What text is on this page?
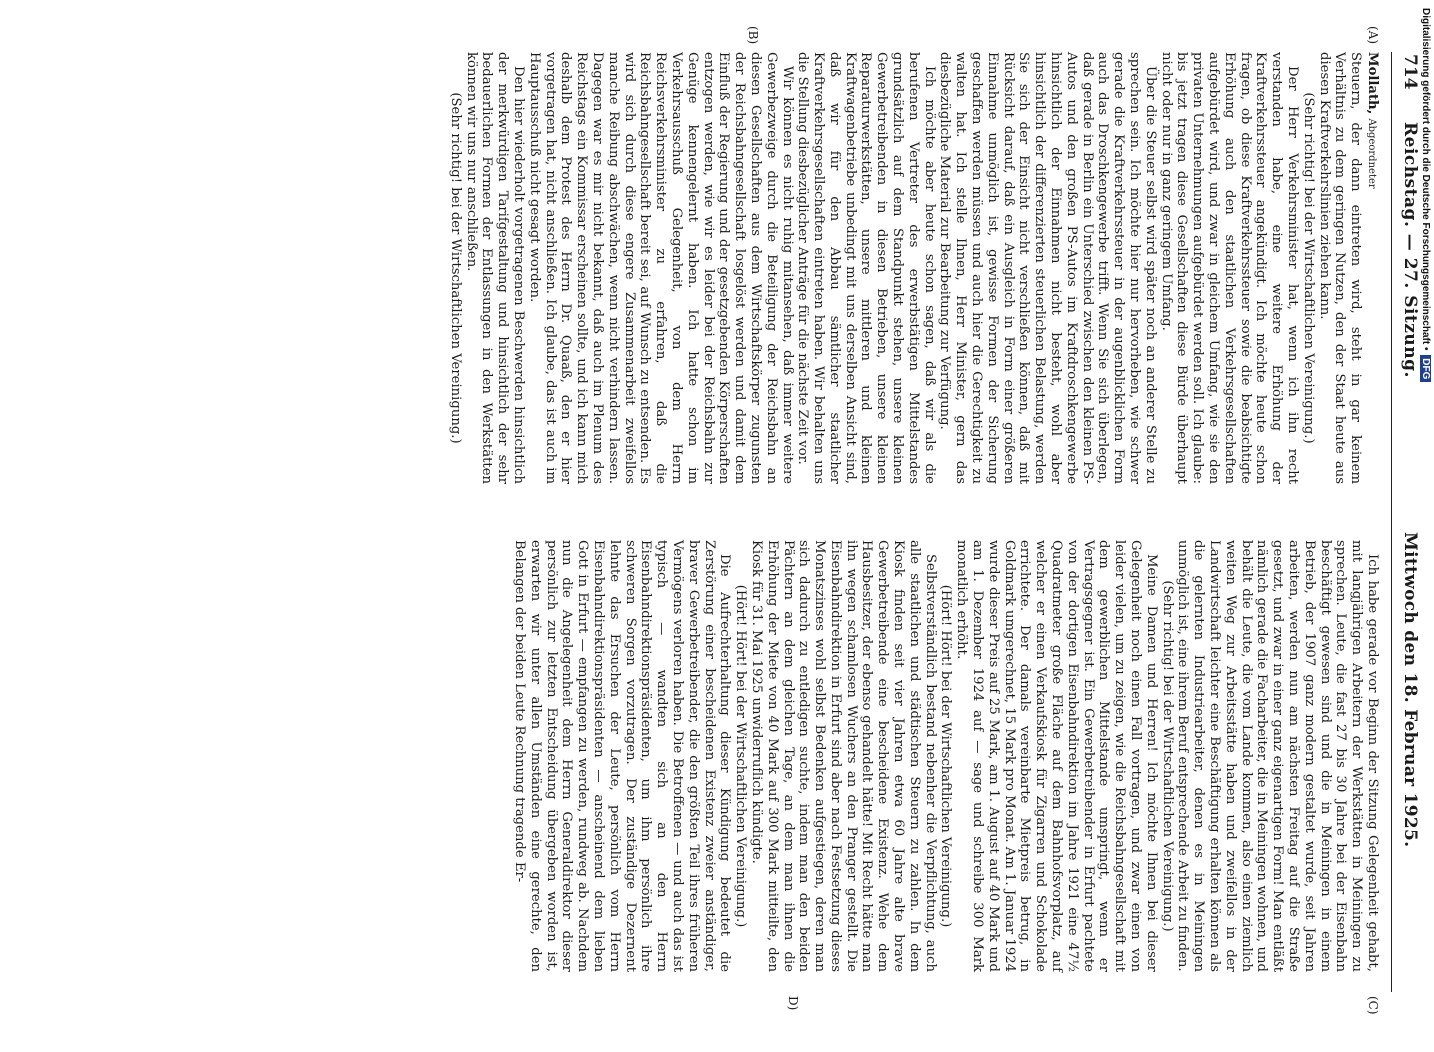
714
Reichstag. — 27. Sitzung.
Mittwoch den 18. Februar 1925.
(A)
(B)
(C)
D)

Mollath, Abgeordneter

Steuern, der dann eintreten wird, steht in gar keinem Verhältnis zu dem geringen Nutzen, den der Staat heute aus diesen Kraftverkehrslinien ziehen kann.

(Sehr richtig! bei der Wirtschaftlichen Vereinigung.)

Der Herr Verkehrsminister hat, wenn ich ihn recht verstanden habe, eine weitere Erhöhung der Kraftverkehrssteuer angekündigt. Ich möchte heute schon fragen, ob diese Kraftverkehrssteuer sowie die beabsichtigte Erhöhung auch den staatlichen Verkehrsgesellschaften aufgebürdet wird, und zwar in gleichem Umfang, wie sie den privaten Unternehmungen aufgebürdet werden soll. Ich glaube: bis jetzt tragen diese Gesellschaften diese Bürde überhaupt nicht oder nur in ganz geringem Umfang.

Über die Steuer selbst wird später noch an anderer Stelle zu sprechen sein. Ich möchte hier nur hervorheben, wie schwer gerade die Kraftverkehrssteuer in der augenblicklichen Form auch das Droschkengewerbe trifft. Wenn Sie sich überlegen, daß gerade in Berlin ein Unterschied zwischen den kleinen PS-Autos und den großen PS-Autos im Kraftdroschkengewerbe hinsichtlich der Einnahmen nicht besteht, wohl aber hinsichtlich der differenzierten steuerlichen Belastung, werden Sie sich der Einsicht nicht verschließen können, daß mit Rücksicht darauf, daß ein Ausgleich in Form einer größeren Einnahme unmöglich ist, gewisse Formen der Sicherung geschaffen werden müssen und auch hier die Gerechtigkeit zu walten hat. Ich stelle Ihnen, Herr Minister, gern das diesbezügliche Material zur Bearbeitung zur Verfügung.

Ich möchte aber heute schon sagen, daß wir als die berufenen Vertreter des erwerbstätigen Mittelstandes grundsätzlich auf dem Standpunkt stehen, unsere kleinen Gewerbetreibenden in diesen Betrieben, unsere kleinen Reparaturwerkstätten, unsere mittleren und kleinen Kraftwagenbetriebe unbedingt mit uns derselben Ansicht sind, daß wir für den Abbau sämtlicher staatlicher Kraftverkehrsgesellschaften eintreten haben. Wir behalten uns die Stellung diesbezüglicher Anträge für die nächste Zeit vor.

Wir können es nicht ruhig mitansehen, daß immer weitere Gewerbezweige durch die Beteiligung der Reichsbahn an diesen Gesellschaften aus dem Wirtschaftskörper zugunsten der Reichsbahngesellschaft losgelöst werden und damit dem Einfluß der Regierung und der gesetzgebenden Körperschaften entzogen werden, wie wir es leider bei der Reichsbahn zur Genüge kennengelernt haben. Ich hatte schon im Verkehrsausschuß Gelegenheit, von dem Herrn Reichsverkehrsminister zu erfahren, daß die Reichsbahngesellschaft bereit sei, auf Wunsch zu entsenden. Es wird sich durch diese engere Zusammenarbeit zweifellos manche Reibung abschwächen, wenn nicht verhindern lassen. Dagegen war es mir nicht bekannt, daß auch im Plenum des Reichstags ein Kommissar erscheinen sollte, und ich kann mich deshalb dem Protest des Herrn Dr. Quaaß, den er hier vorgetragen hat, nicht anschließen. Ich glaube, das ist auch im Hauptausschuß nicht gesagt worden.

Den hier wiederholt vorgetragenen Beschwerden hinsichtlich der merkwürdigen Tarifgestaltung und hinsichtlich der sehr bedauerlichen Formen der Entlassungen in den Werkstätten können wir uns nur anschließen.

(Sehr richtig! bei der Wirtschaftlichen Vereinigung.)

Ich habe gerade vor Beginn der Sitzung Gelegenheit gehabt, mit langjährigen Arbeitern der Werkstätten in Meiningen zu sprechen. Leute, die fast 27 bis 30 Jahre bei der Eisenbahn beschäftigt gewesen sind und die in Meiningen in einem Betrieb, der 1907 ganz modern gestaltet wurde, seit Jahren arbeiten, werden nun am nächsten Freitag auf die Straße gesetzt, und zwar in einer ganz eigenartigen Form! Man entläßt nämlich gerade die Facharbeiter, die in Meiningen wohnen, und behält die Leute, die vom Lande kommen, also einen ziemlich weiten Weg zur Arbeitsstätte haben und zweifellos in der Landwirtschaft leichter eine Beschäftigung erhalten können als die gelernten Industriearbeiter, denen es in Meiningen unmöglich ist, eine ihrem Beruf entsprechende Arbeit zu finden.

(Sehr richtig! bei der Wirtschaftlichen Vereinigung.)

Meine Damen und Herren! Ich möchte Ihnen bei dieser Gelegenheit noch einen Fall vortragen, und zwar einen von leider vielen, um zu zeigen, wie die Reichsbahngesellschaft mit dem gewerblichen Mittelstande umspringt, wenn er Vertragsgegner ist. Ein Gewerbetreibender in Erfurt pachtete von der dortigen Eisenbahndirektion im Jahre 1921 eine 47½ Quadratmeter große Fläche auf dem Bahnhofsvorplatz, auf welcher er einen Verkaufskiosk für Zigarren und Schokolade errichtete. Der damals vereinbarte Mietpreis betrug, in Goldmark umgerechnet, 15 Mark pro Monat. Am 1. Januar 1924 wurde dieser Preis auf 25 Mark, am 1. August auf 40 Mark und am 1. Dezember 1924 auf — sage und schreibe 300 Mark monatlich erhöht.

(Hört! Hört! bei der Wirtschaftlichen Vereinigung.)

Selbstverständlich bestand nebenher die Verpflichtung, auch alle staatlichen und städtischen Steuern zu zahlen. In dem Kiosk finden seit vier Jahren etwa 60 Jahre alte brave Gewerbetreibende eine bescheidene Existenz. Wehe dem Hausbesitzer, der ebenso gehandelt hätte! Mit Recht hätte man ihn wegen schamlosen Wuchers an den Pranger gestellt. Die Eisenbahndirektion in Erfurt sind aber nach Festsetzung dieses Monatszinses wohl selbst Bedenken aufgestiegen, deren man sich dadurch zu entledigen suchte, indem man den beiden Pächtern an dem gleichen Tage, an dem man ihnen die Erhöhung der Miete von 40 Mark auf 300 Mark mitteilte, den Kiosk für 31. Mai 1925 unwiderruflich kündigte.

(Hört! Hört! bei der Wirtschaftlichen Vereinigung.)

Die Aufrechterhaltung dieser Kündigung bedeutet die Zerstörung einer bescheidenen Existenz zweier anständiger, braver Gewerbetreibender, die den größten Teil ihres früheren Vermögens verloren haben. Die Betroffenen — und auch das ist typisch — wandten sich an den Herrn Eisenbahndirektionspräsidenten, um ihm persönlich ihre schweren Sorgen vorzutragen. Der zuständige Dezernent lehnte das Ersuchen der Leute, persönlich vom Herrn Eisenbahndirektionspräsidenten — anscheinend dem lieben Gott in Erfurt — empfangen zu werden, rundweg ab. Nachdem nun die Angelegenheit dem Herrn Generaldirektor dieser persönlich zur letzten Entscheidung übergeben worden ist, erwarten wir unter allen Umständen eine gerechte, den Belangen der beiden Leute Rechnung tragende Er-

Digitalisierung gefördert durch die Deutsche Forschungsgemeinschaft • DFG
